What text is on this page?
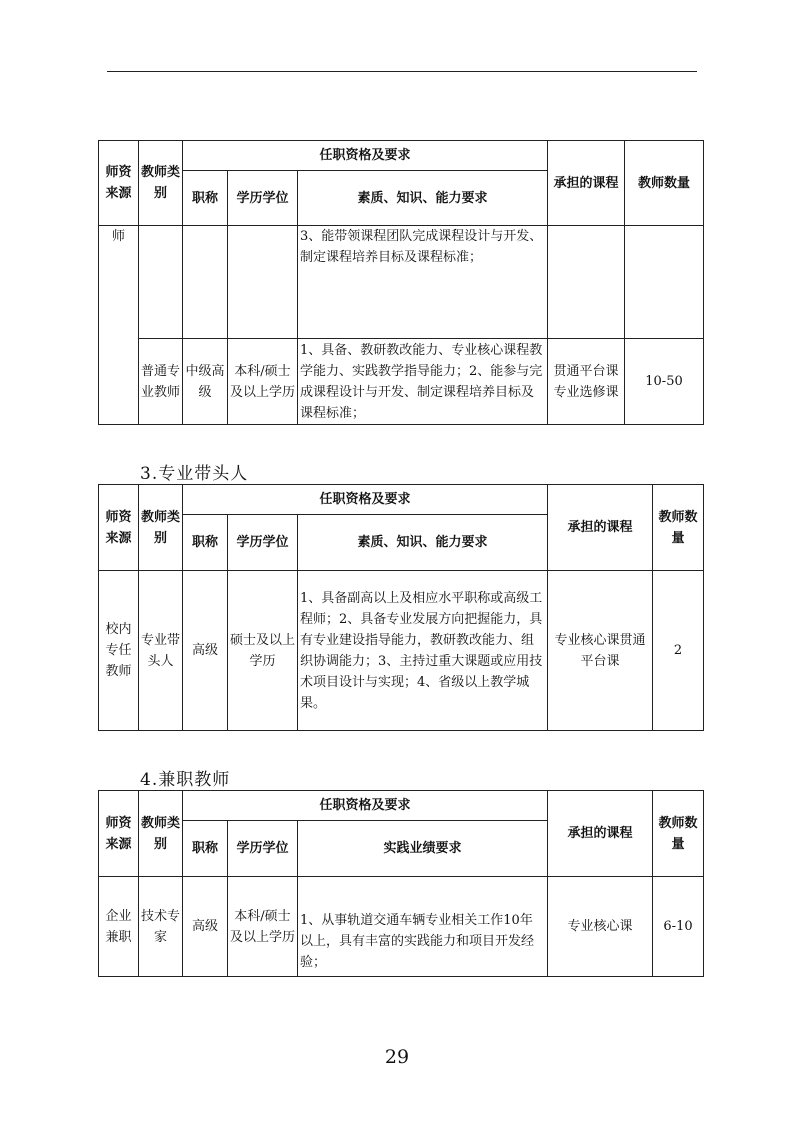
师资来源	教师类别	任职资格及要求			承担的课程	教师数量
		职称	学历学位	素质、知识、能力要求		
师				3、能带领课程团队完成课程设计与开发、制定课程培养目标及课程标准；		
	普通专业教师	中级高级	本科/硕士及以上学历	1、具备、教研教改能力、专业核心课程教学能力、实践教学指导能力；2、能参与完成课程设计与开发、制定课程培养目标及课程标准；	贯通平台课专业选修课	10-50
3.专业带头人
师资来源	教师类别	任职资格及要求			承担的课程	教师数量
		职称	学历学位	素质、知识、能力要求		
校内专任教师	专业带头人	高级	硕士及以上学历	1、具备副高以上及相应水平职称或高级工程师；2、具备专业发展方向把握能力，具有专业建设指导能力，教研教改能力、组织协调能力；3、主持过重大课题或应用技术项目设计与实现；4、省级以上教学城果。	专业核心课贯通平台课	2
4.兼职教师
师资来源	教师类别	任职资格及要求			承担的课程	教师数量
		职称	学历学位	实践业绩要求		
企业兼职	技术专家	高级	本科/硕士及以上学历	1、从事轨道交通车辆专业相关工作10年以上，具有丰富的实践能力和项目开发经验；	专业核心课	6-10
29
